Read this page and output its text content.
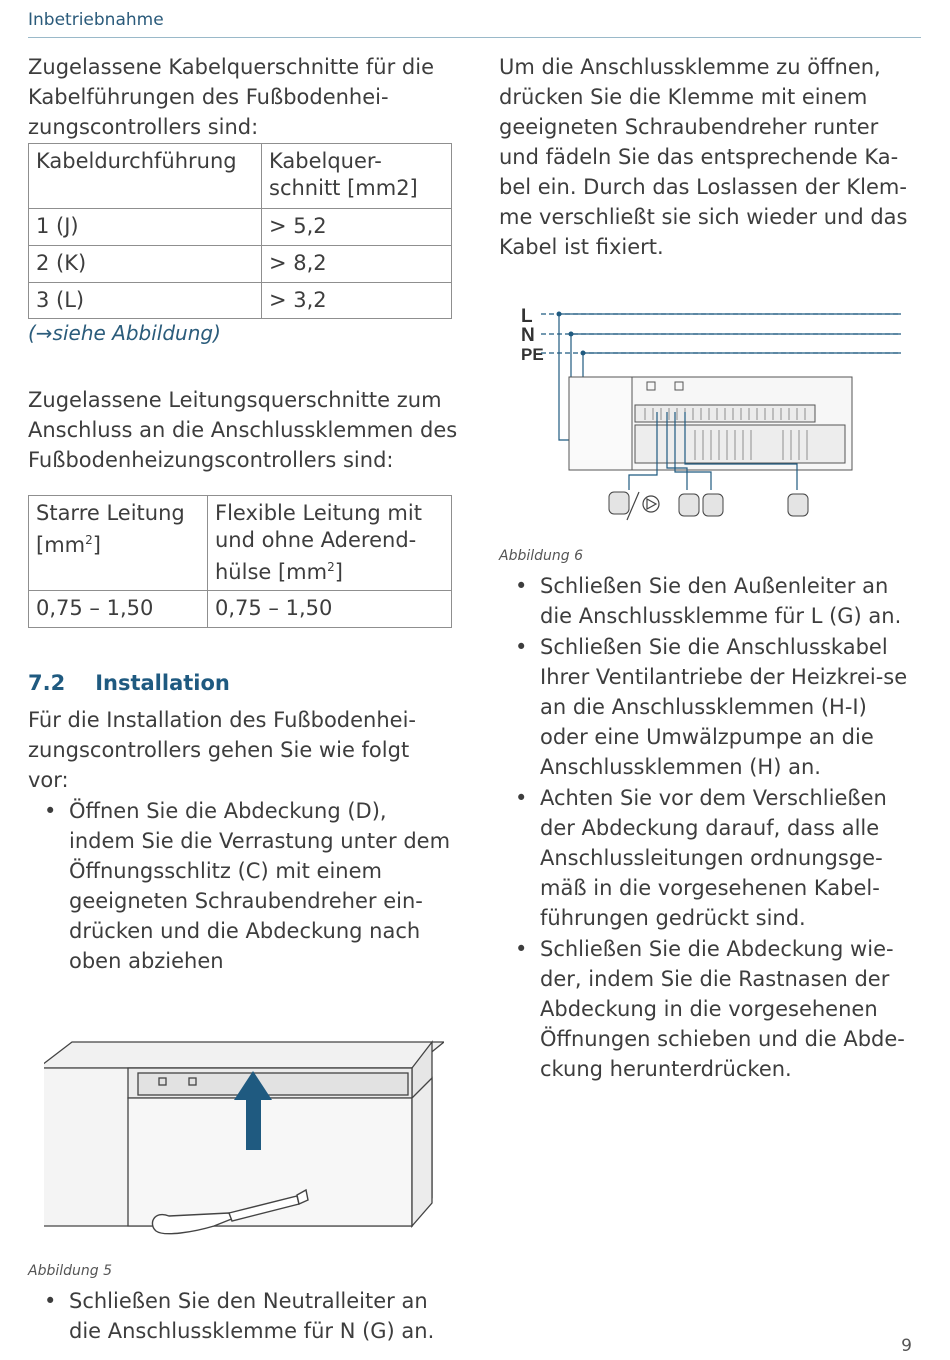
Inbetriebnahme

Zugelassene Kabelquerschnitte für die Kabelführungen des Fußbodenhei-zungscontrollers sind:

Kabeldurchführung	Kabelquer-schnitt [mm2]
1 (J)	> 5,2
2 (K)	> 8,2
3 (L)	> 3,2
(→siehe Abbildung)

Zugelassene Leitungsquerschnitte zum Anschluss an die Anschlussklemmen des Fußbodenheizungscontrollers sind:

Starre Leitung $[mm^2]$	Flexible Leitung mit und ohne Aderend-hülse $[mm^2]$
0,75 – 1,50	0,75 – 1,50
7.2 Installation

Für die Installation des Fußbodenhei-zungscontrollers gehen Sie wie folgt vor:

• Öffnen Sie die Abdeckung (D), indem Sie die Verrastung unter dem Öffnungsschlitz (C) mit einem geeigneten Schraubendreher ein-drücken und die Abdeckung nach oben abziehen
Abbildung 5
• Schließen Sie den Neutralleiter an die Anschlussklemme für N (G) an.

Um die Anschlussklemme zu öffnen, drücken Sie die Klemme mit einem geeigneten Schraubendreher runter und fädeln Sie das entsprechende Ka-bel ein. Durch das Loslassen der Klem-me verschließt sie sich wieder und das Kabel ist fixiert.

L
N
PE
Abbildung 6
• Schließen Sie den Außenleiter an die Anschlussklemme für L (G) an.
• Schließen Sie die Anschlusskabel Ihrer Ventilantriebe der Heizkrei-se an die Anschlussklemmen (H-I) oder eine Umwälzpumpe an die Anschlussklemmen (H) an.
• Achten Sie vor dem Verschließen der Abdeckung darauf, dass alle Anschlussleitungen ordnungsge-mäß in die vorgesehenen Kabel-führungen gedrückt sind.
• Schließen Sie die Abdeckung wie-der, indem Sie die Rastnasen der Abdeckung in die vorgesehenen Öffnungen schieben und die Abde-ckung herunterdrücken.
9
